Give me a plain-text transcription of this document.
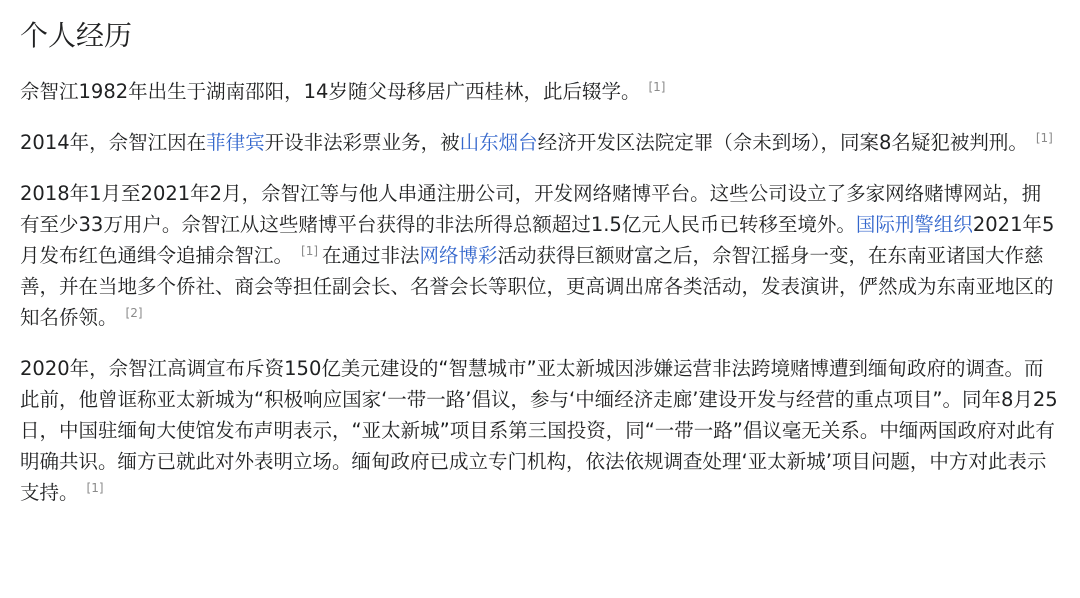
个人经历

佘智江1982年出生于湖南邵阳，14岁随父母移居广西桂林，此后辍学。 [1]

2014年，佘智江因在菲律宾开设非法彩票业务，被山东烟台经济开发区法院定罪（佘未到场），同案8名疑犯被判刑。 [1]

2018年1月至2021年2月，佘智江等与他人串通注册公司，开发网络赌博平台。这些公司设立了多家网络赌博网站，拥有至少33万用户。佘智江从这些赌博平台获得的非法所得总额超过1.5亿元人民币已转移至境外。国际刑警组织2021年5月发布红色通缉令追捕佘智江。 [1] 在通过非法网络博彩活动获得巨额财富之后，佘智江摇身一变，在东南亚诸国大作慈善，并在当地多个侨社、商会等担任副会长、名誉会长等职位，更高调出席各类活动，发表演讲，俨然成为东南亚地区的知名侨领。 [2]

2020年，佘智江高调宣布斥资150亿美元建设的“智慧城市”亚太新城因涉嫌运营非法跨境赌博遭到缅甸政府的调查。而此前，他曾诓称亚太新城为“积极响应国家‘一带一路’倡议，参与‘中缅经济走廊’建设开发与经营的重点项目”。同年8月25日，中国驻缅甸大使馆发布声明表示，“亚太新城”项目系第三国投资，同“一带一路”倡议毫无关系。中缅两国政府对此有明确共识。缅方已就此对外表明立场。缅甸政府已成立专门机构，依法依规调查处理‘亚太新城’项目问题，中方对此表示支持。 [1]
